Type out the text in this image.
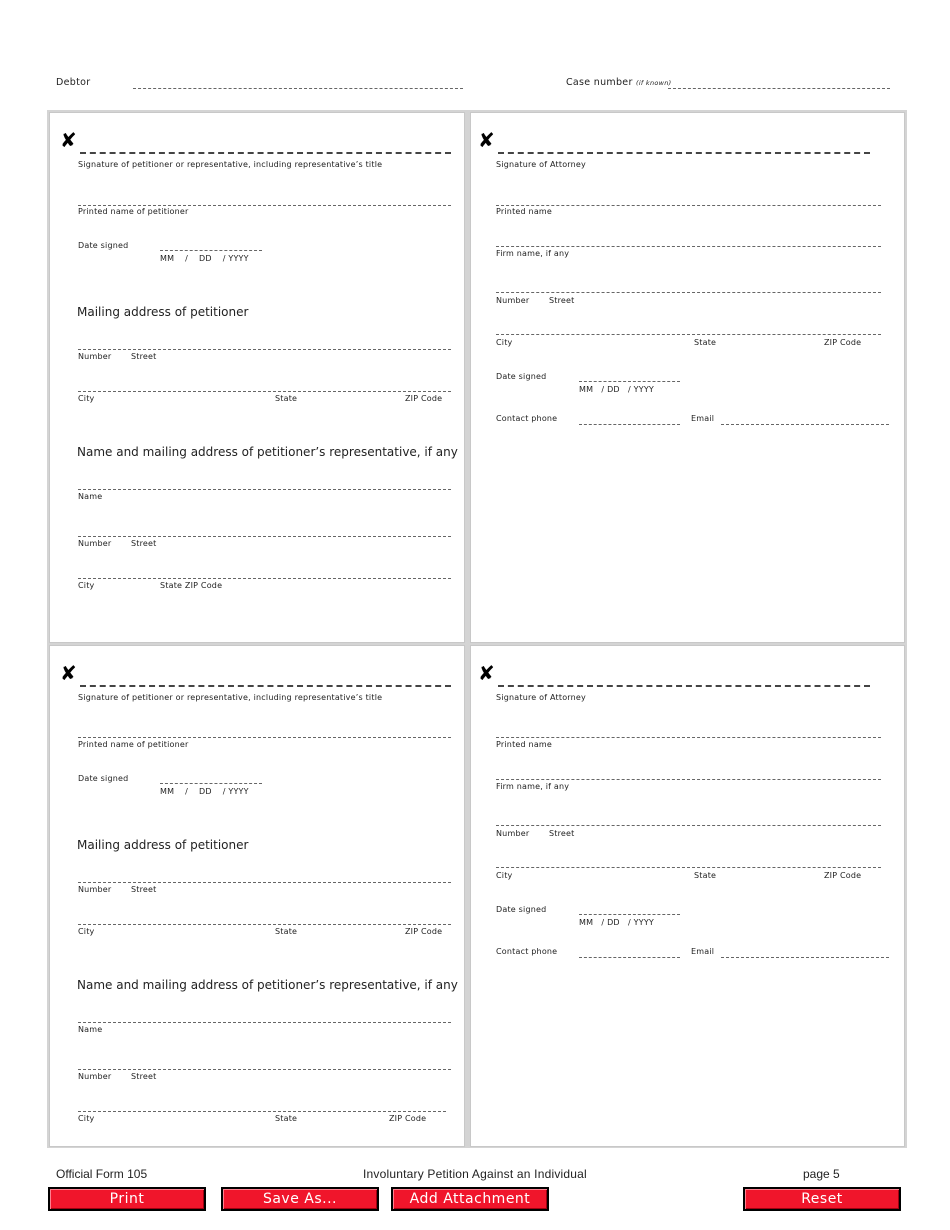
Debtor	Case number (if known)
✘
Signature of petitioner or representative, including representative’s title
Printed name of petitioner
Date signed
MM    /    DD    / YYYY
Mailing address of petitioner
Number Street
City	State	ZIP Code
Name and mailing address of petitioner’s representative, if any
Name
Number Street
City	State ZIP Code
✘
Signature of Attorney
Printed name
Firm name, if any
Number Street
City	State	ZIP Code
Date signed
MM   / DD   / YYYY
Contact phone	Email
✘
Signature of petitioner or representative, including representative’s title
Printed name of petitioner
Date signed
MM    /    DD    / YYYY
Mailing address of petitioner
Number Street
City	State	ZIP Code
Name and mailing address of petitioner’s representative, if any
Name
Number Street
City	State	ZIP Code
✘
Signature of Attorney
Printed name
Firm name, if any
Number Street
City	State	ZIP Code
Date signed
MM   / DD   / YYYY
Contact phone	Email
Official Form 105	Involuntary Petition Against an Individual	page 5
Print	Save As...	Add Attachment	Reset
